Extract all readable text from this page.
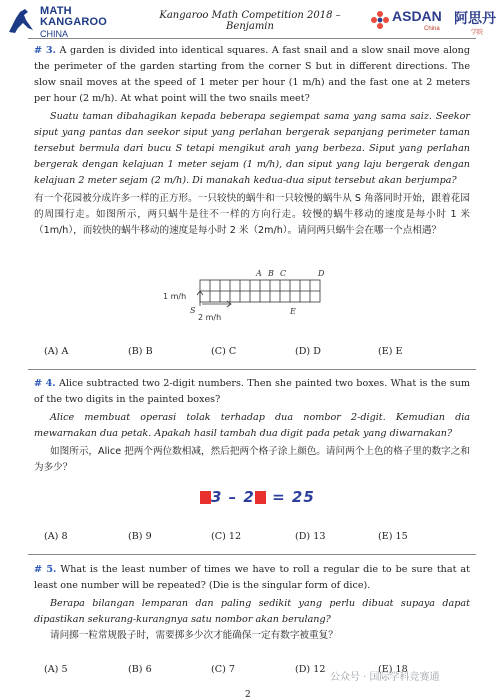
MATH
KANGAROO
CHINA
Kangaroo Math Competition 2018 – Benjamin
ASDAN
China
阿思丹
学院
# 3. A garden is divided into identical squares. A fast snail and a slow snail move along the perimeter of the garden starting from the corner S but in different directions. The slow snail moves at the speed of 1 meter per hour (1 m/h) and the fast one at 2 meters per hour (2 m/h). At what point will the two snails meet?
Suatu taman dibahagikan kepada beberapa segiempat sama yang sama saiz. Seekor siput yang pantas dan seekor siput yang perlahan bergerak sepanjang perimeter taman tersebut bermula dari bucu S tetapi mengikut arah yang berbeza. Siput yang perlahan bergerak dengan kelajuan 1 meter sejam (1 m/h), dan siput yang laju bergerak dengan kelajuan 2 meter sejam (2 m/h). Di manakah kedua-dua siput tersebut akan berjumpa?
有一个花园被分成许多一样的正方形。一只较快的蜗牛和一只较慢的蜗牛从 S 角落同时开始，跟着花园的周围行走。如图所示，两只蜗牛是往不一样的方向行走。较慢的蜗牛移动的速度是每小时 1 米（1m/h），而较快的蜗牛移动的速度是每小时 2 米（2m/h）。请问两只蜗牛会在哪一个点相遇？
A B C	D
E
S
1 m/h
2 m/h
(A) A	(B) B	(C) C	(D) D	(E) E
# 4. Alice subtracted two 2-digit numbers. Then she painted two boxes. What is the sum of the two digits in the painted boxes?
Alice membuat operasi tolak terhadap dua nombor 2-digit. Kemudian dia mewarnakan dua petak. Apakah hasil tambah dua digit pada petak yang diwarnakan?
如图所示，Alice 把两个两位数相减，然后把两个格子涂上颜色。请问两个上色的格子里的数字之和为多少？
3 – 2 = 25
(A) 8	(B) 9	(C) 12	(D) 13	(E) 15
# 5. What is the least number of times we have to roll a regular die to be sure that at least one number will be repeated? (Die is the singular form of dice).
Berapa bilangan lemparan dan paling sedikit yang perlu dibuat supaya dapat dipastikan sekurang-kurangnya satu nombor akan berulang?
请问掷一粒常规骰子时，需要掷多少次才能确保一定有数字被重复？
(A) 5	(B) 6	(C) 7	(D) 12	(E) 18
公众号 · 国际学科竞赛通
2
